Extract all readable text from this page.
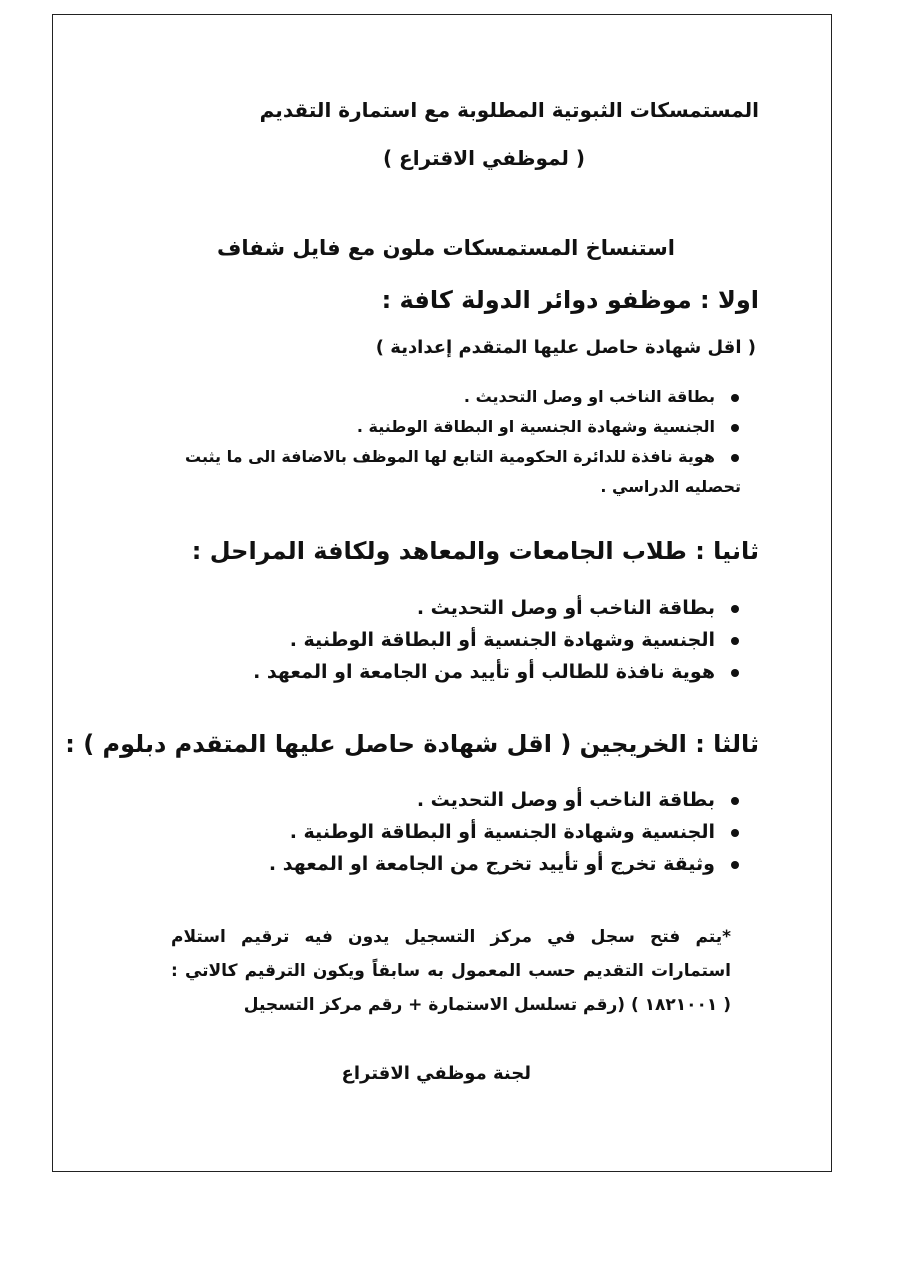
المستمسكات الثبوتية المطلوبة مع استمارة التقديم
( لموظفي الاقتراع )
استنساخ المستمسكات ملون مع فايل شفاف
اولا : موظفو دوائر الدولة كافة :
( اقل شهادة حاصل عليها المتقدم إعدادية )
بطاقة الناخب او وصل التحديث .
الجنسية وشهادة الجنسية او البطاقة الوطنية .
هوية نافذة للدائرة الحكومية التابع لها الموظف بالاضافة الى ما يثبت
تحصليه الدراسي .
ثانيا : طلاب الجامعات والمعاهد ولكافة المراحل :
بطاقة الناخب أو وصل التحديث .
الجنسية وشهادة الجنسية أو البطاقة الوطنية .
هوية نافذة للطالب أو تأييد من الجامعة او المعهد .
ثالثا : الخريجين ( اقل شهادة حاصل عليها المتقدم دبلوم ) :
بطاقة الناخب أو وصل التحديث .
الجنسية وشهادة الجنسية أو البطاقة الوطنية .
وثيقة تخرج أو تأييد تخرج من الجامعة او المعهد .
*يتم فتح سجل في مركز التسجيل يدون فيه ترقيم استلام استمارات التقديم حسب المعمول به سابقاً ويكون الترقيم كالاتي : ( ١٨٢١٠٠١ ) (رقم تسلسل الاستمارة + رقم مركز التسجيل
لجنة موظفي الاقتراع
